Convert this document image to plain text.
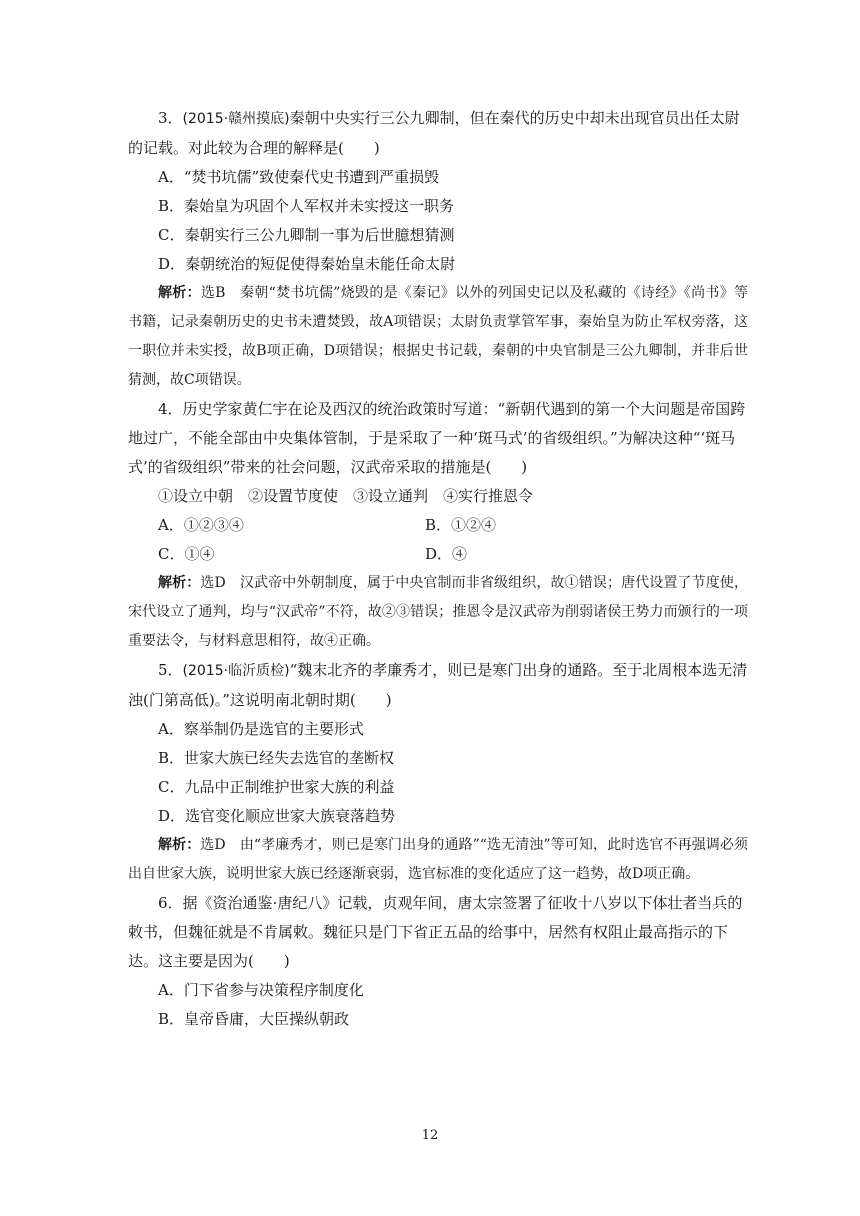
3．(2015·赣州摸底)秦朝中央实行三公九卿制，但在秦代的历史中却未出现官员出任太尉的记载。对此较为合理的解释是(　　)

A．“焚书坑儒”致使秦代史书遭到严重损毁

B．秦始皇为巩固个人军权并未实授这一职务

C．秦朝实行三公九卿制一事为后世臆想猜测

D．秦朝统治的短促使得秦始皇未能任命太尉

解析：选B　秦朝“焚书坑儒”烧毁的是《秦记》以外的列国史记以及私藏的《诗经》《尚书》等书籍，记录秦朝历史的史书未遭焚毁，故A项错误；太尉负责掌管军事，秦始皇为防止军权旁落，这一职位并未实授，故B项正确，D项错误；根据史书记载，秦朝的中央官制是三公九卿制，并非后世猜测，故C项错误。

4．历史学家黄仁宇在论及西汉的统治政策时写道：“新朝代遇到的第一个大问题是帝国跨地过广，不能全部由中央集体管制，于是采取了一种‘斑马式’的省级组织。”为解决这种“‘斑马式’的省级组织”带来的社会问题，汉武帝采取的措施是(　　)

①设立中朝　②设置节度使　③设立通判　④实行推恩令

A．①②③④	B．①②④
C．①④	D．④

解析：选D　汉武帝中外朝制度，属于中央官制而非省级组织，故①错误；唐代设置了节度使，宋代设立了通判，均与“汉武帝”不符，故②③错误；推恩令是汉武帝为削弱诸侯王势力而颁行的一项重要法令，与材料意思相符，故④正确。

5．(2015·临沂质检)“魏末北齐的孝廉秀才，则已是寒门出身的通路。至于北周根本选无清浊(门第高低)。”这说明南北朝时期(　　)

A．察举制仍是选官的主要形式

B．世家大族已经失去选官的垄断权

C．九品中正制维护世家大族的利益

D．选官变化顺应世家大族衰落趋势

解析：选D　由“孝廉秀才，则已是寒门出身的通路”“选无清浊”等可知，此时选官不再强调必须出自世家大族，说明世家大族已经逐渐衰弱，选官标准的变化适应了这一趋势，故D项正确。

6．据《资治通鉴·唐纪八》记载，贞观年间，唐太宗签署了征收十八岁以下体壮者当兵的敕书，但魏征就是不肯属敕。魏征只是门下省正五品的给事中，居然有权阻止最高指示的下达。这主要是因为(　　)

A．门下省参与决策程序制度化

B．皇帝昏庸，大臣操纵朝政

12
